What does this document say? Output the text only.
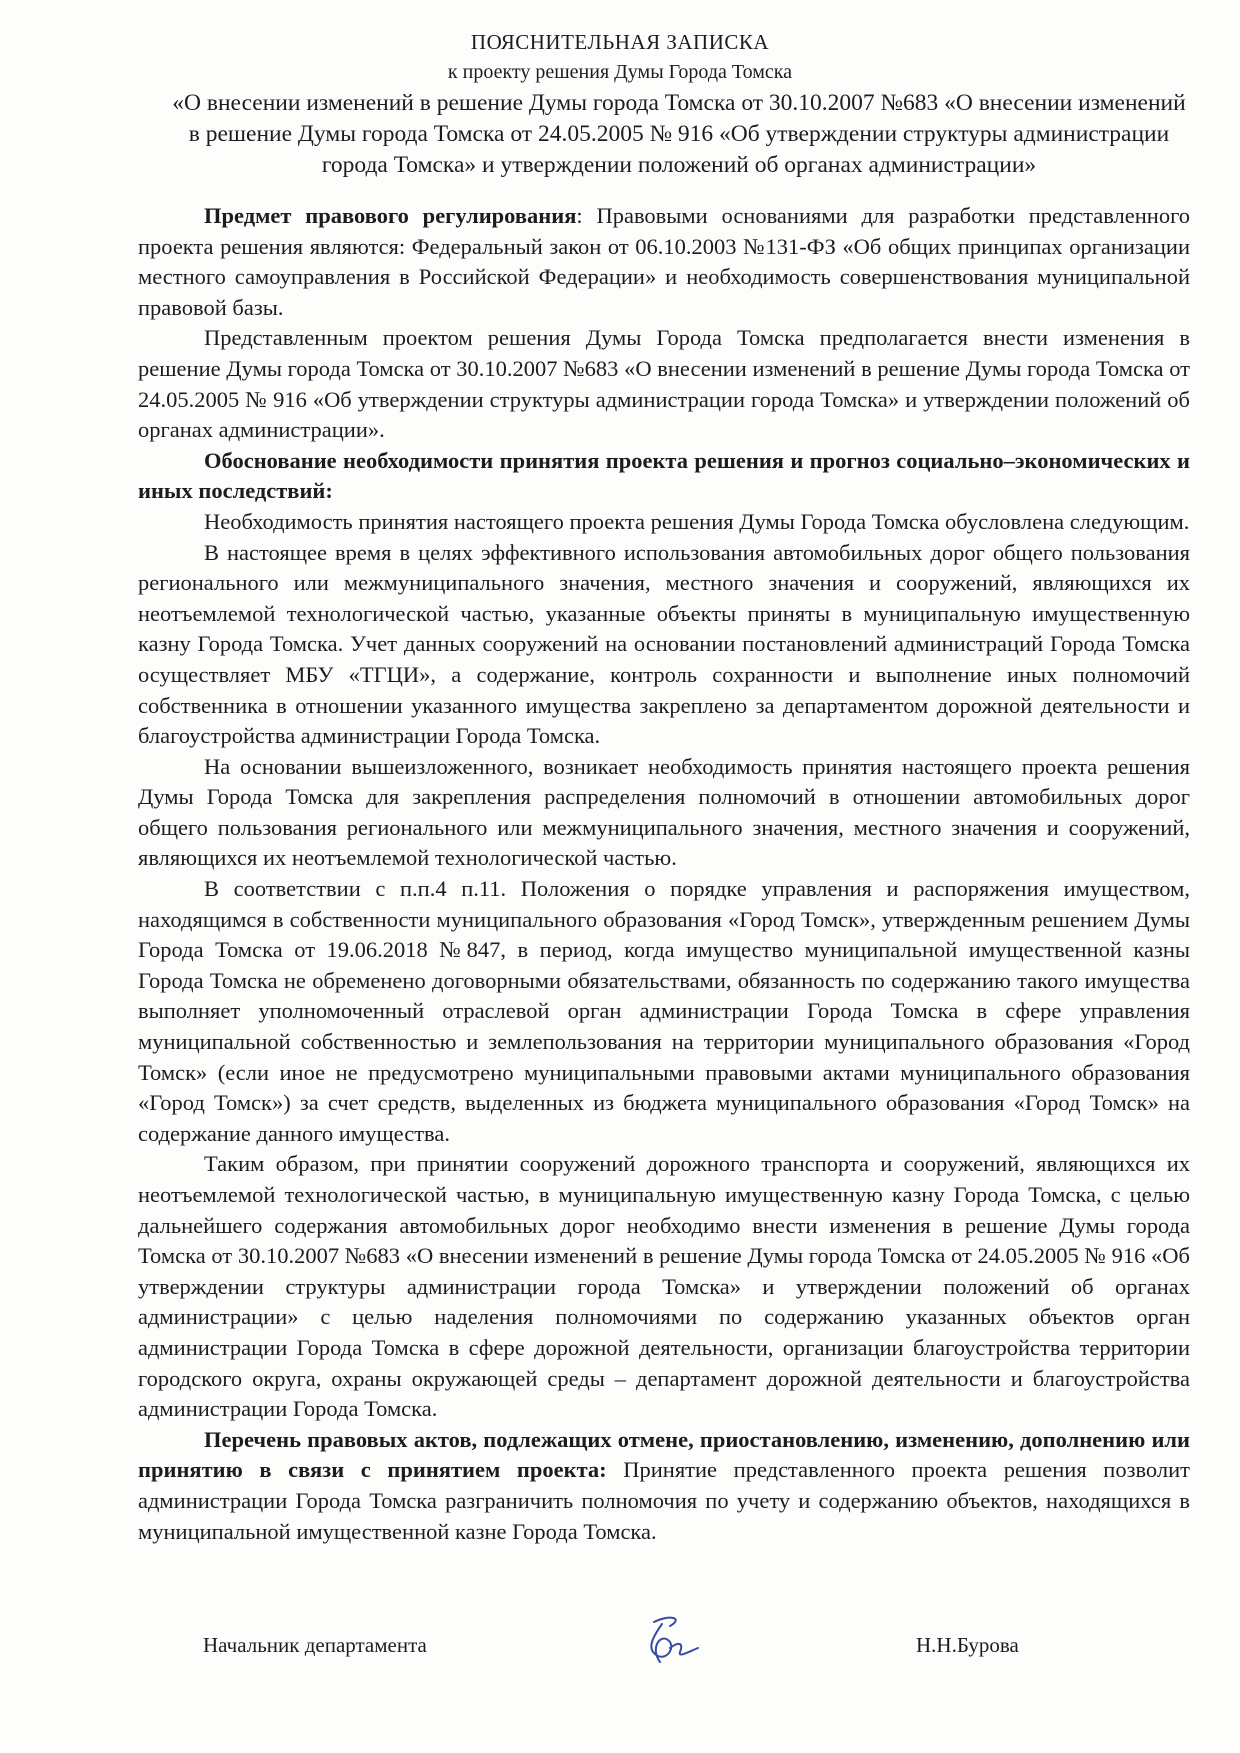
ПОЯСНИТЕЛЬНАЯ ЗАПИСКА
к проекту решения Думы Города Томска
«О внесении изменений в решение Думы города Томска от 30.10.2007 №683 «О внесении изменений в решение Думы города Томска от 24.05.2005 № 916 «Об утверждении структуры администрации города Томска» и утверждении положений об органах администрации»

Предмет правового регулирования: Правовыми основаниями для разработки представленного проекта решения являются: Федеральный закон от 06.10.2003 №131-ФЗ «Об общих принципах организации местного самоуправления в Российской Федерации» и необходимость совершенствования муниципальной правовой базы.

Представленным проектом решения Думы Города Томска предполагается внести изменения в решение Думы города Томска от 30.10.2007 №683 «О внесении изменений в решение Думы города Томска от 24.05.2005 № 916 «Об утверждении структуры администрации города Томска» и утверждении положений об органах администрации».

Обоснование необходимости принятия проекта решения и прогноз социально–экономических и иных последствий:

Необходимость принятия настоящего проекта решения Думы Города Томска обусловлена следующим.

В настоящее время в целях эффективного использования автомобильных дорог общего пользования регионального или межмуниципального значения, местного значения и сооружений, являющихся их неотъемлемой технологической частью, указанные объекты приняты в муниципальную имущественную казну Города Томска. Учет данных сооружений на основании постановлений администраций Города Томска осуществляет МБУ «ТГЦИ», а содержание, контроль сохранности и выполнение иных полномочий собственника в отношении указанного имущества закреплено за департаментом дорожной деятельности и благоустройства администрации Города Томска.

На основании вышеизложенного, возникает необходимость принятия настоящего проекта решения Думы Города Томска для закрепления распределения полномочий в отношении автомобильных дорог общего пользования регионального или межмуниципального значения, местного значения и сооружений, являющихся их неотъемлемой технологической частью.

В соответствии с п.п.4 п.11. Положения о порядке управления и распоряжения имуществом, находящимся в собственности муниципального образования «Город Томск», утвержденным решением Думы Города Томска от 19.06.2018 №847, в период, когда имущество муниципальной имущественной казны Города Томска не обременено договорными обязательствами, обязанность по содержанию такого имущества выполняет уполномоченный отраслевой орган администрации Города Томска в сфере управления муниципальной собственностью и землепользования на территории муниципального образования «Город Томск» (если иное не предусмотрено муниципальными правовыми актами муниципального образования «Город Томск») за счет средств, выделенных из бюджета муниципального образования «Город Томск» на содержание данного имущества.

Таким образом, при принятии сооружений дорожного транспорта и сооружений, являющихся их неотъемлемой технологической частью, в муниципальную имущественную казну Города Томска, с целью дальнейшего содержания автомобильных дорог необходимо внести изменения в решение Думы города Томска от 30.10.2007 №683 «О внесении изменений в решение Думы города Томска от 24.05.2005 № 916 «Об утверждении структуры администрации города Томска» и утверждении положений об органах администрации» с целью наделения полномочиями по содержанию указанных объектов орган администрации Города Томска в сфере дорожной деятельности, организации благоустройства территории городского округа, охраны окружающей среды – департамент дорожной деятельности и благоустройства администрации Города Томска.

Перечень правовых актов, подлежащих отмене, приостановлению, изменению, дополнению или принятию в связи с принятием проекта: Принятие представленного проекта решения позволит администрации Города Томска разграничить полномочия по учету и содержанию объектов, находящихся в муниципальной имущественной казне Города Томска.

Начальник департамента	Н.Н.Бурова
